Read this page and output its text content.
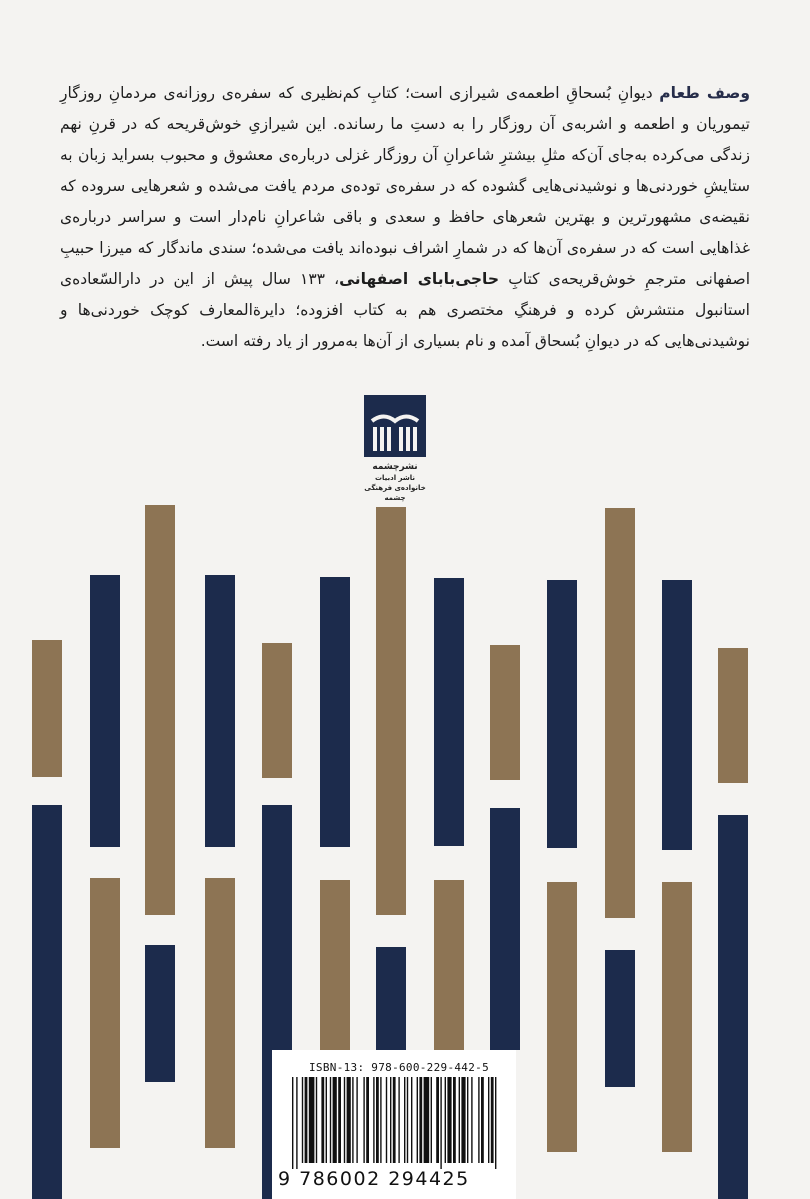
وصف طعام دیوانِ بُسحاقِ اطعمه‌ی شیرازی است؛ کتابِ کم‌نظیری که سفره‌ی روزانه‌ی مردمانِ روزگارِ تیموریان و اطعمه و اشربه‌ی آن روزگار را به دستِ ما رسانده. این شیرازیِ خوش‌قریحه که در قرنِ نهم زندگی می‌کرده به‌جای آن‌که مثلِ بیشترِ شاعرانِ آن روزگار غزلی درباره‌ی معشوق و محبوب بسراید زبان به ستایشِ خوردنی‌ها و نوشیدنی‌هایی گشوده که در سفره‌ی توده‌ی مردم یافت می‌شده و شعرهایی سروده که نقیضه‌ی مشهورترین و بهترین شعرهای حافظ و سعدی و باقی شاعرانِ نام‌دار است و سراسر درباره‌ی غذاهایی است که در سفره‌ی آن‌ها که در شمارِ اشراف نبوده‌اند یافت می‌شده؛ سندی ماندگار که میرزا حبیبِ اصفهانی مترجمِ خوش‌قریحه‌ی کتابِ حاجی‌بابای اصفهانی، ۱۳۳ سال پیش از این در دارالسّعاده‌ی استانبول منتشرش کرده و فرهنگِ مختصری هم به کتاب افزوده؛ دایرةالمعارف کوچک خوردنی‌ها و نوشیدنی‌هایی که در دیوانِ بُسحاق آمده و نام بسیاری از آن‌ها به‌مرور از یاد رفته است.

نشرچشمه
ناشر ادبیات
خانواده‌ی فرهنگی چشمه
ISBN-13: 978-600-229-442-5
9 786002 294425
